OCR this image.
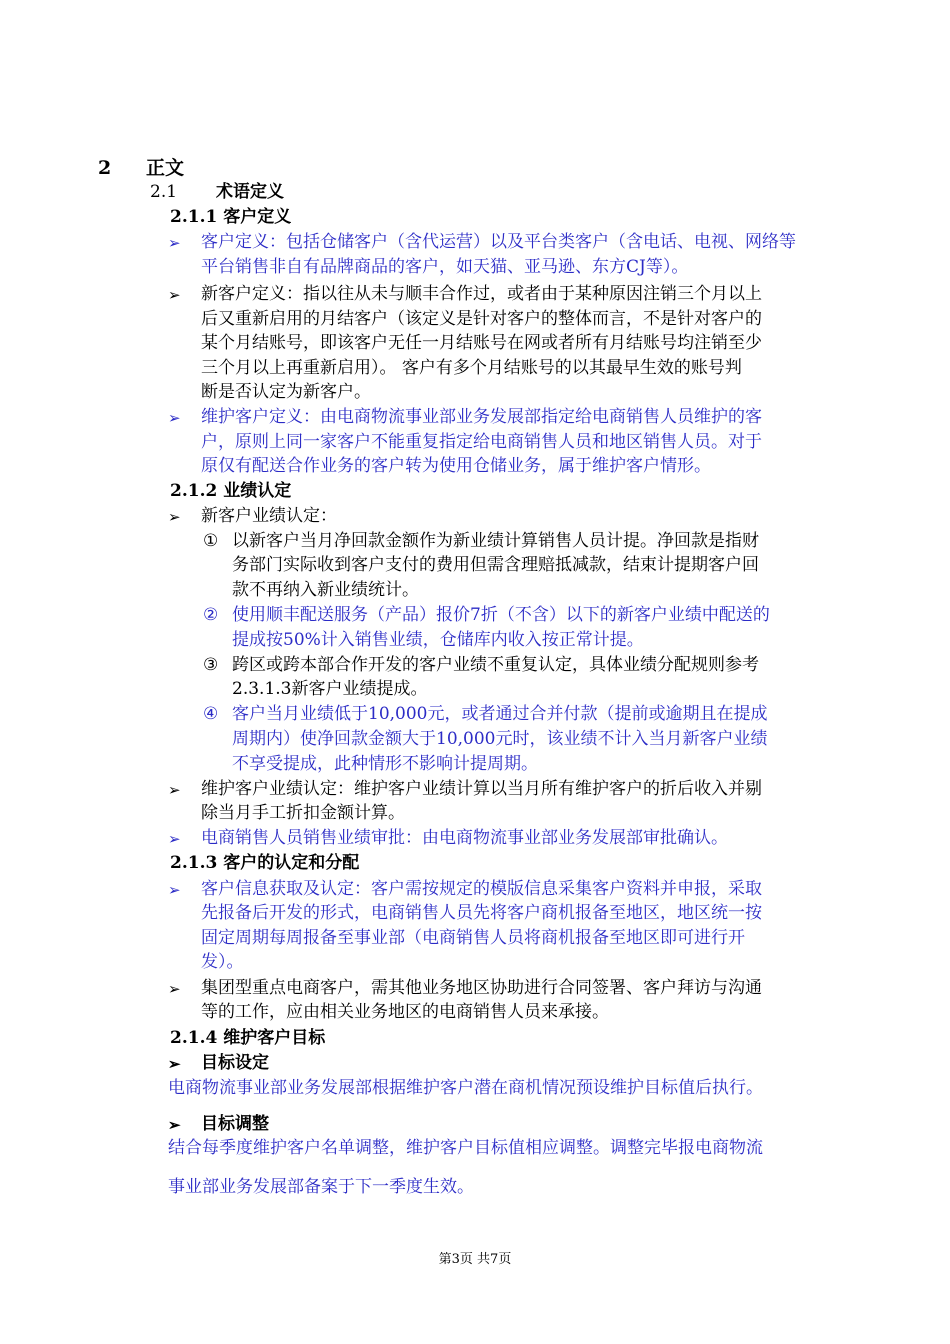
2 正文
2.1 术语定义
2.1.1 客户定义
➢ 客户定义：包括仓储客户（含代运营）以及平台类客户（含电话、电视、网络等
平台销售非自有品牌商品的客户，如天猫、亚马逊、东方CJ等）。
➢ 新客户定义：指以往从未与顺丰合作过，或者由于某种原因注销三个月以上
后又重新启用的月结客户（该定义是针对客户的整体而言，不是针对客户的
某个月结账号，即该客户无任一月结账号在网或者所有月结账号均注销至少
三个月以上再重新启用）。 客户有多个月结账号的以其最早生效的账号判
断是否认定为新客户。
➢ 维护客户定义：由电商物流事业部业务发展部指定给电商销售人员维护的客
户，原则上同一家客户不能重复指定给电商销售人员和地区销售人员。对于
原仅有配送合作业务的客户转为使用仓储业务，属于维护客户情形。
2.1.2 业绩认定
➢ 新客户业绩认定：
① 以新客户当月净回款金额作为新业绩计算销售人员计提。净回款是指财
务部门实际收到客户支付的费用但需含理赔抵减款，结束计提期客户回
款不再纳入新业绩统计。
② 使用顺丰配送服务（产品）报价7折（不含）以下的新客户业绩中配送的
提成按50%计入销售业绩，仓储库内收入按正常计提。
③ 跨区或跨本部合作开发的客户业绩不重复认定，具体业绩分配规则参考
2.3.1.3新客户业绩提成。
④ 客户当月业绩低于10,000元，或者通过合并付款（提前或逾期且在提成
周期内）使净回款金额大于10,000元时，该业绩不计入当月新客户业绩
不享受提成，此种情形不影响计提周期。
➢ 维护客户业绩认定：维护客户业绩计算以当月所有维护客户的折后收入并剔
除当月手工折扣金额计算。
➢ 电商销售人员销售业绩审批：由电商物流事业部业务发展部审批确认。
2.1.3 客户的认定和分配
➢ 客户信息获取及认定：客户需按规定的模版信息采集客户资料并申报，采取
先报备后开发的形式，电商销售人员先将客户商机报备至地区，地区统一按
固定周期每周报备至事业部（电商销售人员将商机报备至地区即可进行开
发）。
➢ 集团型重点电商客户，需其他业务地区协助进行合同签署、客户拜访与沟通
等的工作，应由相关业务地区的电商销售人员来承接。
2.1.4 维护客户目标
➢ 目标设定
电商物流事业部业务发展部根据维护客户潜在商机情况预设维护目标值后执行。
➢ 目标调整
结合每季度维护客户名单调整，维护客户目标值相应调整。调整完毕报电商物流
事业部业务发展部备案于下一季度生效。
第3页 共7页
